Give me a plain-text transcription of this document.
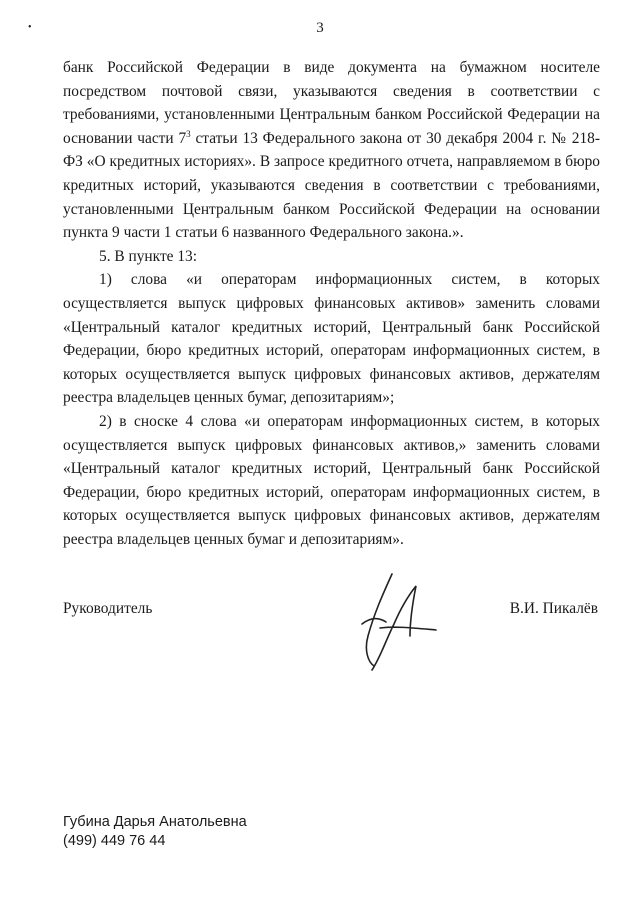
•	3

банк Российской Федерации в виде документа на бумажном носителе посредством почтовой связи, указываются сведения в соответствии с требованиями, установленными Центральным банком Российской Федерации на основании части $7^3$ статьи 13 Федерального закона от 30 декабря 2004 г. № 218-ФЗ «О кредитных историях». В запросе кредитного отчета, направляемом в бюро кредитных историй, указываются сведения в соответствии с требованиями, установленными Центральным банком Российской Федерации на основании пункта 9 части 1 статьи 6 названного Федерального закона.».

5. В пункте 13:

1) слова «и операторам информационных систем, в которых осуществляется выпуск цифровых финансовых активов» заменить словами «Центральный каталог кредитных историй, Центральный банк Российской Федерации, бюро кредитных историй, операторам информационных систем, в которых осуществляется выпуск цифровых финансовых активов, держателям реестра владельцев ценных бумаг, депозитариям»;

2) в сноске 4 слова «и операторам информационных систем, в которых осуществляется выпуск цифровых финансовых активов,» заменить словами «Центральный каталог кредитных историй, Центральный банк Российской Федерации, бюро кредитных историй, операторам информационных систем, в которых осуществляется выпуск цифровых финансовых активов, держателям реестра владельцев ценных бумаг и депозитариям».

Руководитель	В.И. Пикалёв
Губина Дарья Анатольевна
(499) 449 76 44
